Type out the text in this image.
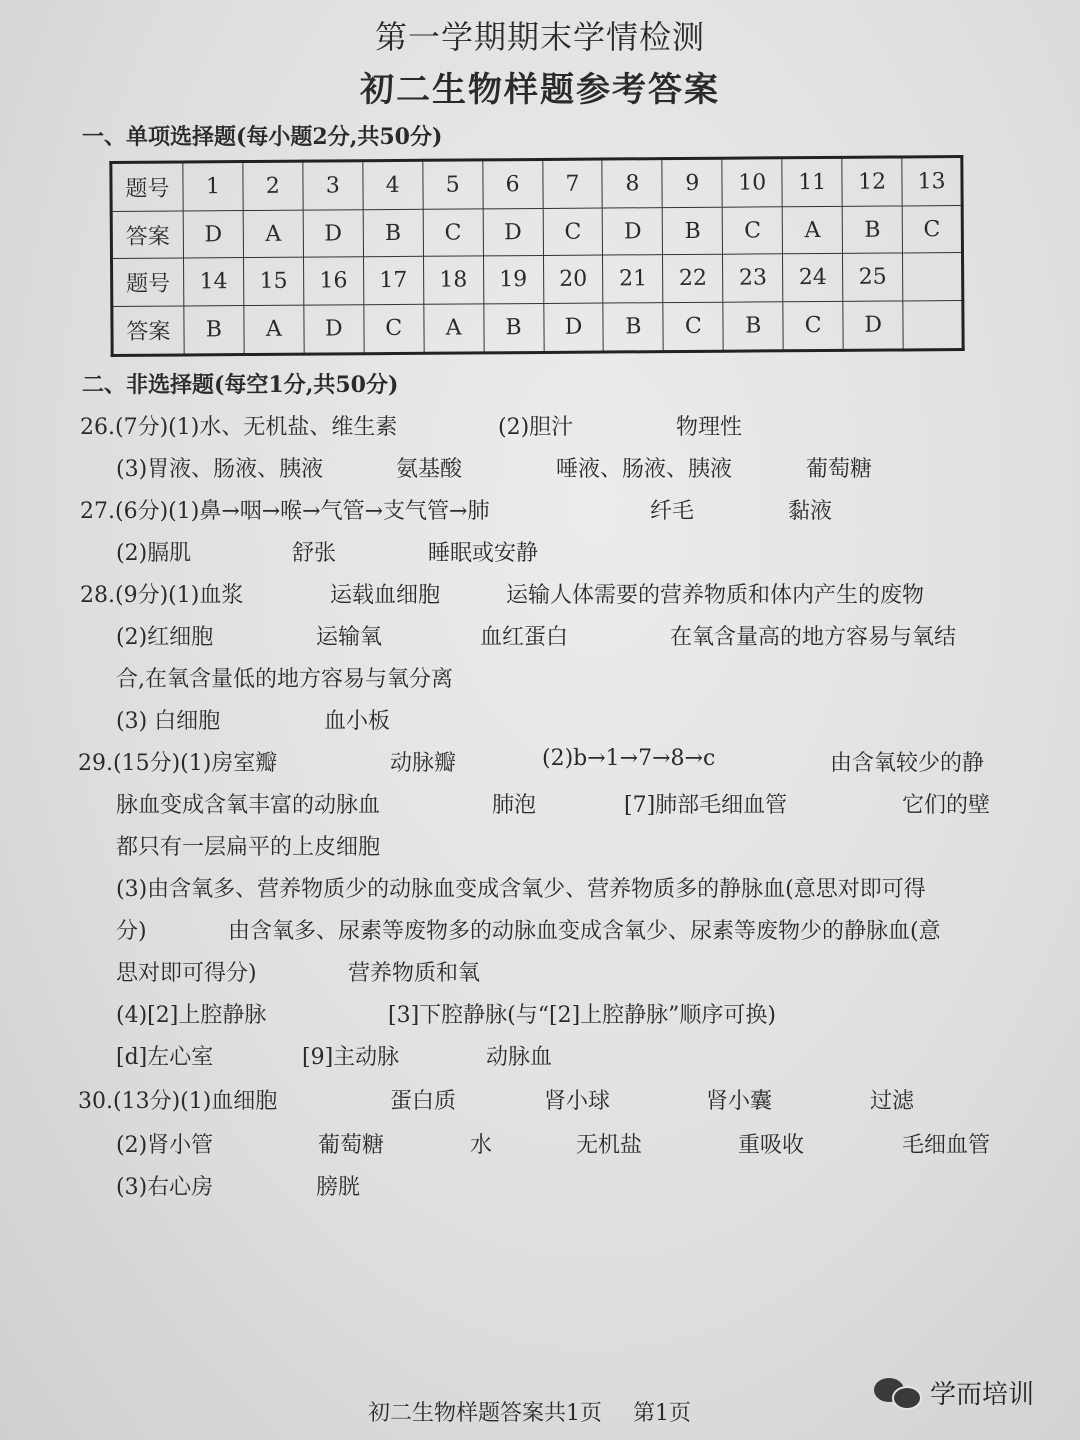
第一学期期末学情检测
初二生物样题参考答案
一、单项选择题(每小题2分,共50分)
题号	1	2	3	4	5	6	7	8	9	10	11	12	13
答案	D	A	D	B	C	D	C	D	B	C	A	B	C
题号	14	15	16	17	18	19	20	21	22	23	24	25	
答案	B	A	D	C	A	B	D	B	C	B	C	D	
二、非选择题(每空1分,共50分)
26.(7分)(1)水、无机盐、维生素	(2)胆汁	物理性
(3)胃液、肠液、胰液	氨基酸	唾液、肠液、胰液	葡萄糖
27.(6分)(1)鼻→咽→喉→气管→支气管→肺	纤毛	黏液
(2)膈肌	舒张	睡眠或安静
28.(9分)(1)血浆	运载血细胞	运输人体需要的营养物质和体内产生的废物
(2)红细胞	运输氧	血红蛋白	在氧含量高的地方容易与氧结
合,在氧含量低的地方容易与氧分离
(3) 白细胞	血小板
29.(15分)(1)房室瓣	动脉瓣	(2)b→1→7→8→c	由含氧较少的静
脉血变成含氧丰富的动脉血	肺泡	[7]肺部毛细血管	它们的壁
都只有一层扁平的上皮细胞
(3)由含氧多、营养物质少的动脉血变成含氧少、营养物质多的静脉血(意思对即可得
分)	由含氧多、尿素等废物多的动脉血变成含氧少、尿素等废物少的静脉血(意
思对即可得分)	营养物质和氧
(4)[2]上腔静脉	[3]下腔静脉(与“[2]上腔静脉”顺序可换)
[d]左心室	[9]主动脉	动脉血
30.(13分)(1)血细胞	蛋白质	肾小球	肾小囊	过滤
(2)肾小管	葡萄糖	水	无机盐	重吸收	毛细血管
(3)右心房	膀胱
初二生物样题答案共1页 第1页
学而培训
